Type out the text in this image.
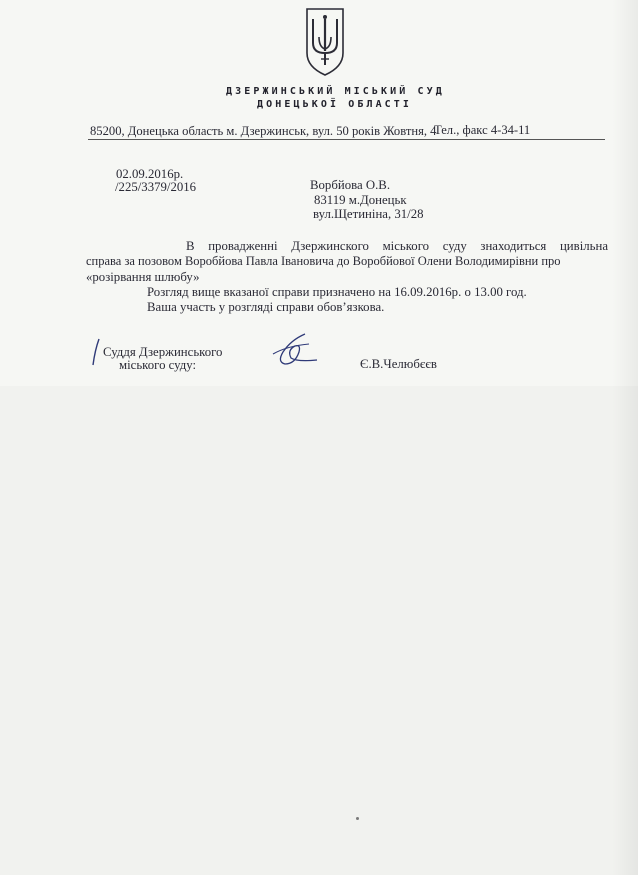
ДЗЕРЖИНСЬКИЙ МІСЬКИЙ СУД
ДОНЕЦЬКОЇ ОБЛАСТІ
85200, Донецька область м. Дзержинськ, вул. 50 років Жовтня, 4
Тел., факс 4-34-11
02.09.2016р.
/225/3379/2016	Ворбйова О.В.
83119 м.Донецьк
вул.Щетиніна, 31/28
В провадженні Дзержинского міського суду знаходиться цивільна
справа за позовом Воробйова Павла Івановича до Воробйової Олени Володимирівни про
«розірвання шлюбу»
Розгляд вище вказаної справи призначено на 16.09.2016р. о 13.00 год.
Ваша участь у розгляді справи обов’язкова.
Суддя Дзержинського
міського суду:	Є.В.Челюбєєв
